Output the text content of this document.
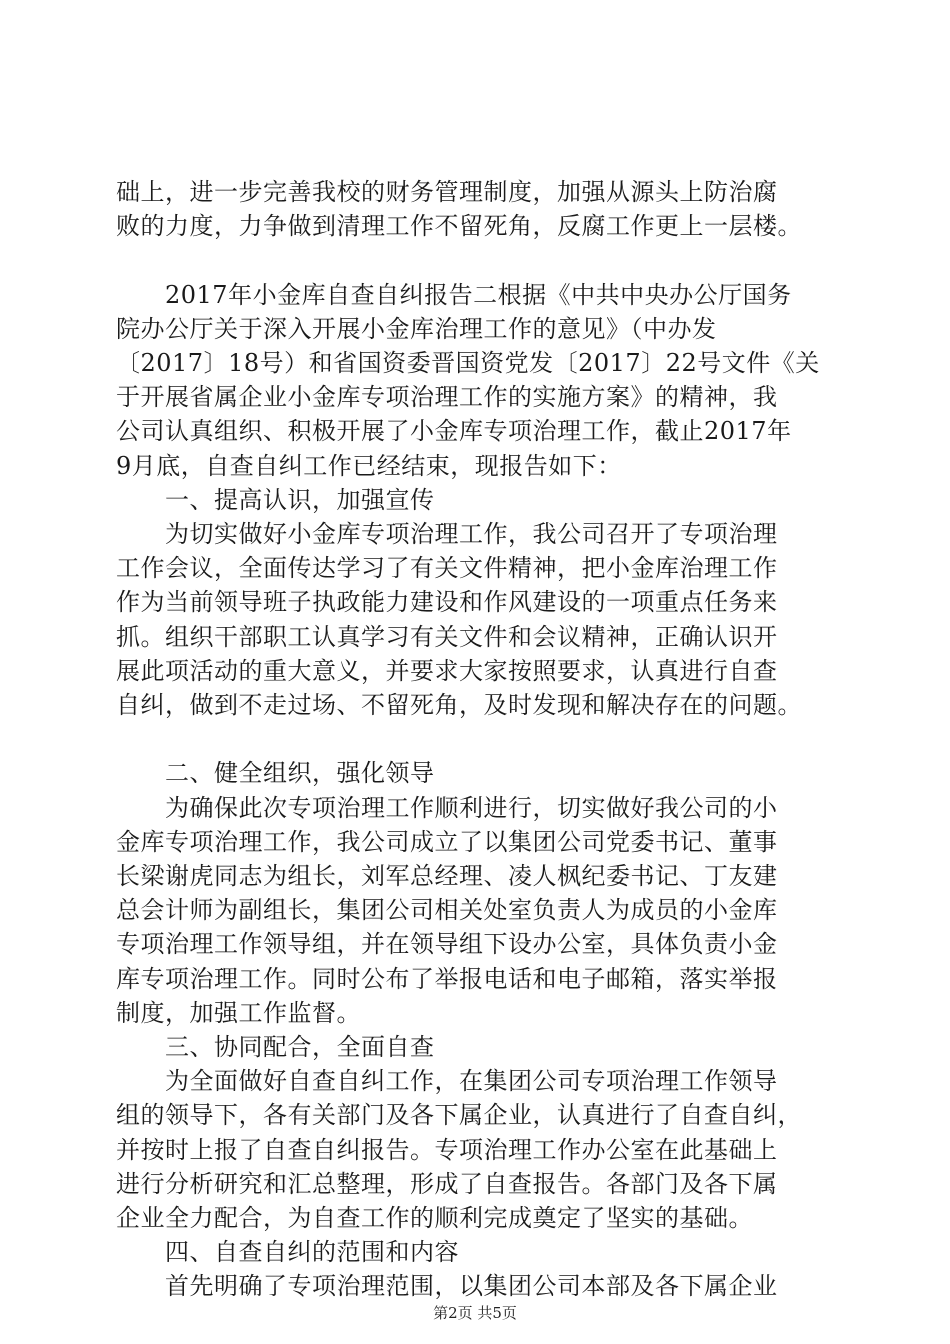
础上，进一步完善我校的财务管理制度，加强从源头上防治腐
败的力度，力争做到清理工作不留死角，反腐工作更上一层楼。
　　2017年小金库自查自纠报告二根据《中共中央办公厅国务
院办公厅关于深入开展小金库治理工作的意见》（中办发
〔2017〕18号）和省国资委晋国资党发〔2017〕22号文件《关
于开展省属企业小金库专项治理工作的实施方案》的精神，我
公司认真组织、积极开展了小金库专项治理工作，截止2017年
9月底，自查自纠工作已经结束，现报告如下：
　　一、提高认识，加强宣传
　　为切实做好小金库专项治理工作，我公司召开了专项治理
工作会议，全面传达学习了有关文件精神，把小金库治理工作
作为当前领导班子执政能力建设和作风建设的一项重点任务来
抓。组织干部职工认真学习有关文件和会议精神，正确认识开
展此项活动的重大意义，并要求大家按照要求，认真进行自查
自纠，做到不走过场、不留死角，及时发现和解决存在的问题。
　　二、健全组织，强化领导
　　为确保此次专项治理工作顺利进行，切实做好我公司的小
金库专项治理工作，我公司成立了以集团公司党委书记、董事
长梁谢虎同志为组长，刘军总经理、凌人枫纪委书记、丁友建
总会计师为副组长，集团公司相关处室负责人为成员的小金库
专项治理工作领导组，并在领导组下设办公室，具体负责小金
库专项治理工作。同时公布了举报电话和电子邮箱，落实举报
制度，加强工作监督。
　　三、协同配合，全面自查
　　为全面做好自查自纠工作，在集团公司专项治理工作领导
组的领导下，各有关部门及各下属企业，认真进行了自查自纠，
并按时上报了自查自纠报告。专项治理工作办公室在此基础上
进行分析研究和汇总整理，形成了自查报告。各部门及各下属
企业全力配合，为自查工作的顺利完成奠定了坚实的基础。
　　四、自查自纠的范围和内容
　　首先明确了专项治理范围，以集团公司本部及各下属企业
第2页 共5页
